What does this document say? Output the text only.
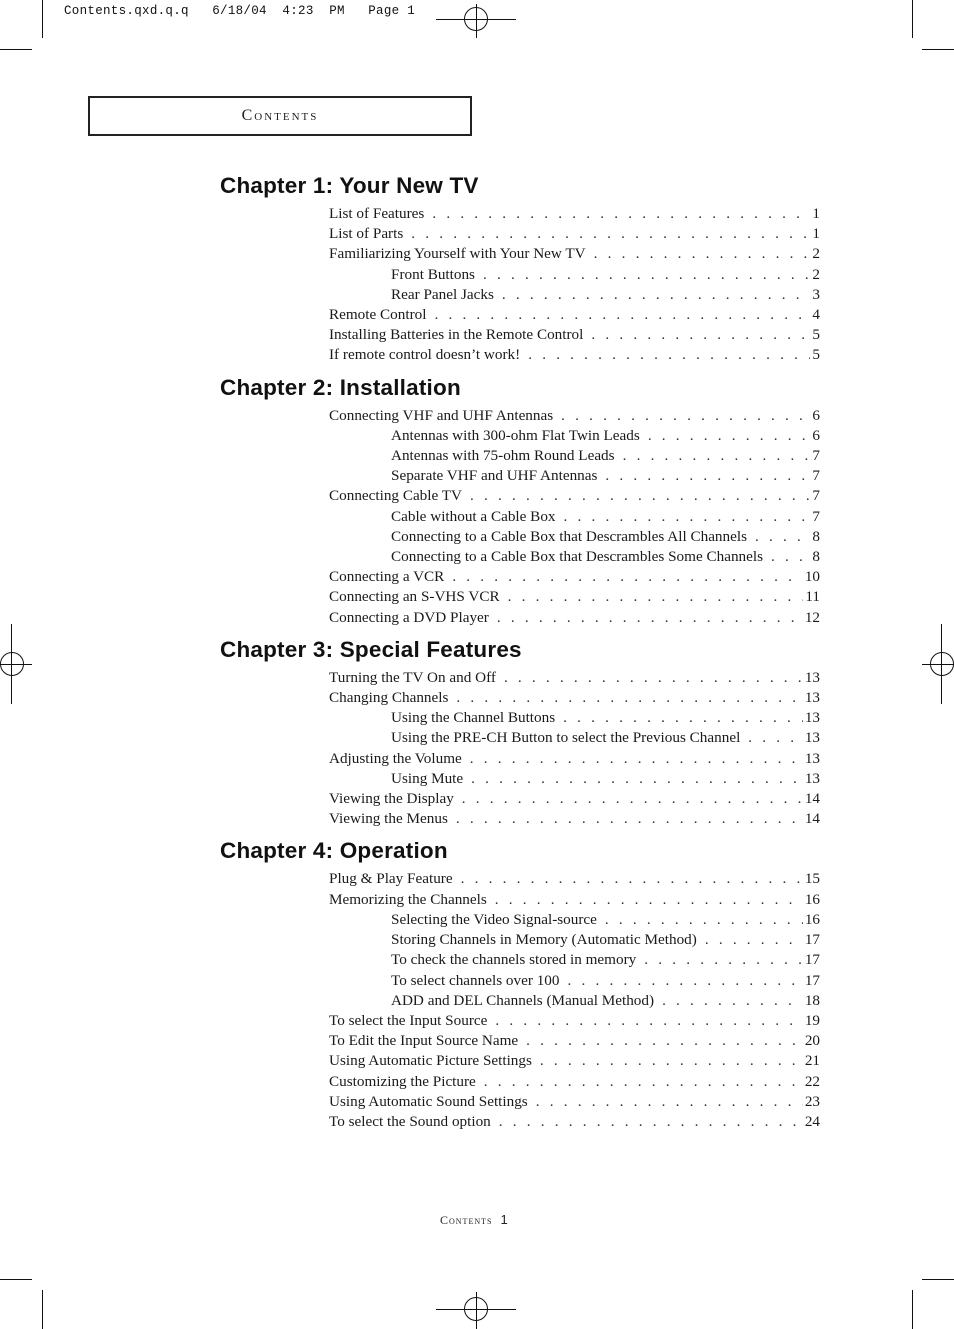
Contents.qxd.q.q   6/18/04  4:23  PM   Page 1
Contents
Chapter 1: Your New TV
List of Features . . .	1
List of Parts . . .	1
Familiarizing Yourself with Your New TV . . .	2
Front Buttons . . .	2
Rear Panel Jacks . . .	3
Remote Control . . .	4
Installing Batteries in the Remote Control . . .	5
If remote control doesn’t work! . . .	5
Chapter 2: Installation
Connecting VHF and UHF Antennas . . .	6
Antennas with 300-ohm Flat Twin Leads . . .	6
Antennas with 75-ohm Round Leads . . .	7
Separate VHF and UHF Antennas . . .	7
Connecting Cable TV . . .	7
Cable without a Cable Box . . .	7
Connecting to a Cable Box that Descrambles All Channels . . .	8
Connecting to a Cable Box that Descrambles Some Channels . . .	8
Connecting a VCR . . .	10
Connecting an S-VHS VCR . . .	11
Connecting a DVD Player . . .	12
Chapter 3: Special Features
Turning the TV On and Off . . .	13
Changing Channels . . .	13
Using the Channel Buttons . . .	13
Using the PRE-CH Button to select the Previous Channel . . .	13
Adjusting the Volume . . .	13
Using Mute . . .	13
Viewing the Display . . .	14
Viewing the Menus . . .	14
Chapter 4: Operation
Plug & Play Feature . . .	15
Memorizing the Channels . . .	16
Selecting the Video Signal-source . . .	16
Storing Channels in Memory (Automatic Method) . . .	17
To check the channels stored in memory . . .	17
To select channels over 100 . . .	17
ADD and DEL Channels (Manual Method) . . .	18
To select the Input Source . . .	19
To Edit the Input Source Name . . .	20
Using Automatic Picture Settings . . .	21
Customizing the Picture . . .	22
Using Automatic Sound Settings . . .	23
To select the Sound option . . .	24
Contents 1
